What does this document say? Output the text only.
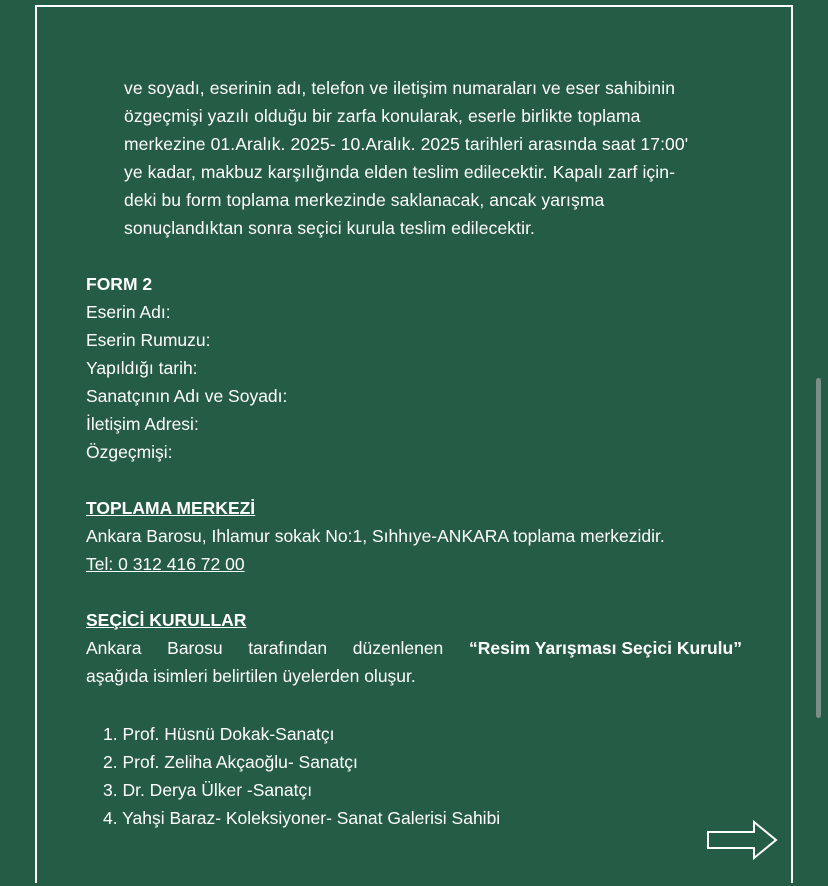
ve soyadı, eserinin adı, telefon ve iletişim numaraları ve eser sahibinin
özgeçmişi yazılı olduğu bir zarfa konularak, eserle birlikte toplama
merkezine 01.Aralık. 2025- 10.Aralık. 2025 tarihleri arasında saat 17:00'
ye kadar, makbuz karşılığında elden teslim edilecektir. Kapalı zarf için-
deki bu form toplama merkezinde saklanacak, ancak yarışma
sonuçlandıktan sonra seçici kurula teslim edilecektir.
FORM 2
Eserin Adı:
Eserin Rumuzu:
Yapıldığı tarih:
Sanatçının Adı ve Soyadı:
İletişim Adresi:
Özgeçmişi:
TOPLAMA MERKEZİ
Ankara Barosu, Ihlamur sokak No:1, Sıhhıye-ANKARA toplama merkezidir.
Tel: 0 312 416 72 00
SEÇİCİ KURULLAR
Ankara Barosu tarafından düzenlenen “Resim Yarışması Seçici Kurulu”
aşağıda isimleri belirtilen üyelerden oluşur.
1. Prof. Hüsnü Dokak-Sanatçı
2. Prof. Zeliha Akçaoğlu- Sanatçı
3. Dr. Derya Ülker -Sanatçı
4. Yahşi Baraz- Koleksiyoner- Sanat Galerisi Sahibi
